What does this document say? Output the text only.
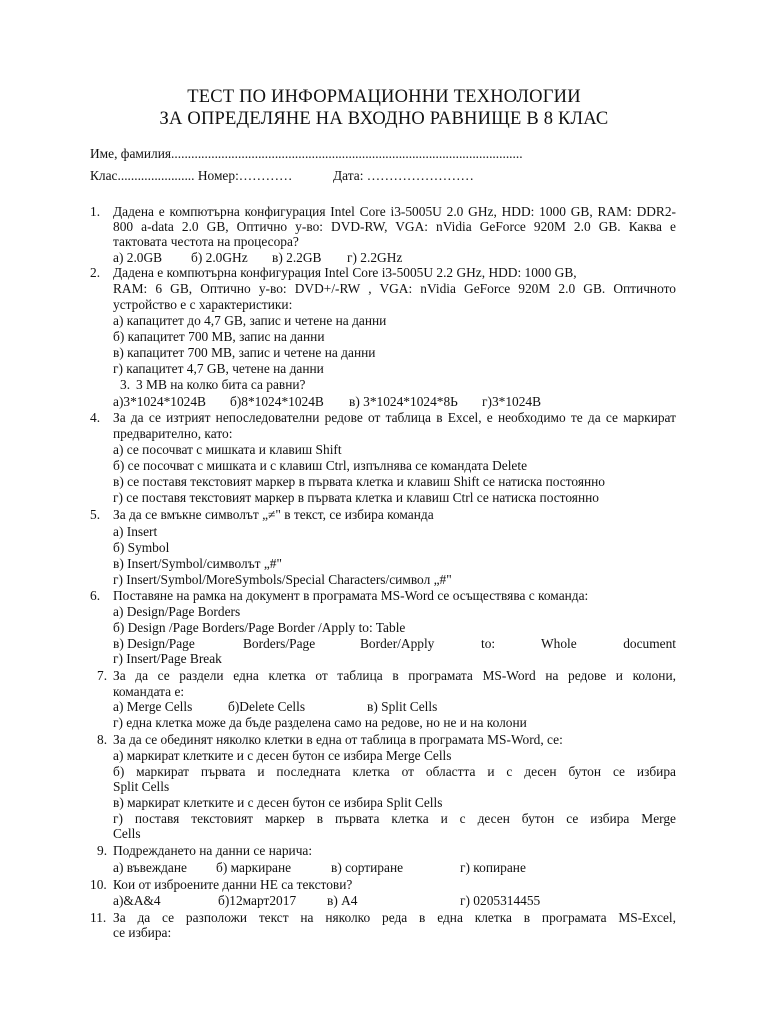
ТЕСТ ПО ИНФОРМАЦИОННИ ТЕХНОЛОГИИ
ЗА ОПРЕДЕЛЯНЕ НА ВХОДНО РАВНИЩЕ В 8 КЛАС
Име, фамилия.........................................................................................................
Клас....................... Номер:…………	Дата: ……………………
1. Дадена е компютърна конфигурация Intel Core i3-5005U 2.0 GHz, HDD: 1000 GB, RAM: DDR2-
800 a-data 2.0 GB, Оптично у-во: DVD-RW, VGA: nVidia GeForce 920M 2.0 GB. Каква е
тактовата честота на процесора?
а) 2.0GB б) 2.0GHz в) 2.2GB г) 2.2GHz
2. Дадена е компютърна конфигурация Intel Core i3-5005U 2.2 GHz, HDD: 1000 GB,
RAM: 6 GB, Оптично у-во: DVD+/-RW , VGA: nVidia GeForce 920M 2.0 GB. Оптичното
устройство е с характеристики:
а) капацитет до 4,7 GB, запис и четене на данни
б) капацитет 700 MB, запис на данни
в) капацитет 700 MB, запис и четене на данни
г) капацитет 4,7 GB, четене на данни
3. 3 MB на колко бита са равни?
а)3*1024*1024B б)8*1024*1024B в) 3*1024*1024*8Ь г)3*1024B
4. За да се изтрият непоследователни редове от таблица в Excel, е необходимо те да се маркират
предварително, като:
а) се посочват с мишката и клавиш Shift
б) се посочват с мишката и с клавиш Ctrl, изпълнява се командата Delete
в) се поставя текстовият маркер в първата клетка и клавиш Shift се натиска постоянно
г) се поставя текстовият маркер в първата клетка и клавиш Ctrl се натиска постоянно
5. За да се вмъкне символът „≠" в текст, се избира команда
а) Insert
б) Symbol
в) Insert/Symbol/символът „#"
г) Insert/Symbol/MoreSymbols/Special Characters/символ „#"
6. Поставяне на рамка на документ в програмата MS-Word се осъществява с команда:
а) Design/Page Borders
б) Design /Page Borders/Page Border /Apply to: Table
в) Design/Page	Borders/Page	Border/Apply	to:	Whole	document
г) Insert/Page Break
7. За да се раздели една клетка от таблица в програмата MS-Word на редове и колони,
командата е:
а) Merge Cells	б)Delete Cells	в) Split Cells
г) една клетка може да бъде разделена само на редове, но не и на колони
8. За да се обединят няколко клетки в една от таблица в програмата MS-Word, се:
а) маркират клетките и с десен бутон се избира Merge Cells
б) маркират първата и последната клетка от областта и с десен бутон се избира
Split Cells
в) маркират клетките и с десен бутон се избира Split Cells
г) поставя текстовият маркер в първата клетка и с десен бутон се избира Merge
Cells
9. Подреждането на данни се нарича:
а) въвеждане б) маркиране	в) сортиране	г) копиране
10. Кои от изброените данни НЕ са текстови?
а)&A&4	б)12март2017 в) A4	г) 0205314455
11. За да се разположи текст на няколко реда в една клетка в програмата MS-Excel,
се избира:
